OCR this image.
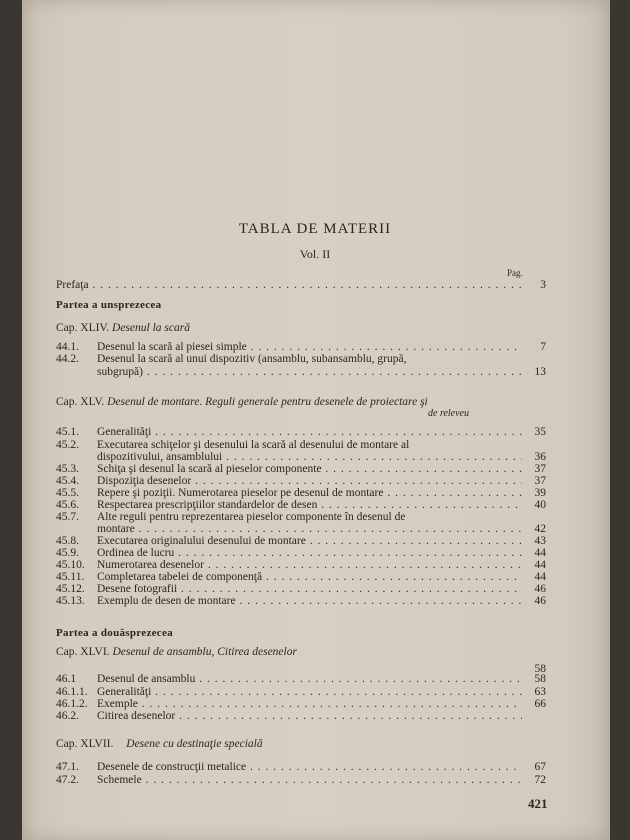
TABLA DE MATERII
Vol. II
Pag.
Prefaţa . . .	3
Partea a unsprezecea
Cap. XLIV. Desenul la scară
44.1.	Desenul la scară al piesei simple . . .	7
44.2.	Desenul la scară al unui dispozitiv (ansamblu, subansamblu, grupă,
subgrupă) . . .	13
Cap. XLV. Desenul de montare. Reguli generale pentru desenele de proiectare şi
de releveu
45.1.	Generalităţi . . .	35
45.2.	Executarea schiţelor şi desenului la scară al desenului de montare al
dispozitivului, ansamblului . . .	36
45.3.	Schiţa şi desenul la scară al pieselor componente . . .	37
45.4.	Dispoziţia desenelor . . .	37
45.5.	Repere şi poziţii. Numerotarea pieselor pe desenul de montare . . .	39
45.6.	Respectarea prescripţiilor standardelor de desen . . .	40
45.7.	Alte reguli pentru reprezentarea pieselor componente în desenul de
montare . . .	42
45.8.	Executarea originalului desenului de montare . . .	43
45.9.	Ordinea de lucru . . .	44
45.10.	Numerotarea desenelor . . .	44
45.11.	Completarea tabelei de componenţă . . .	44
45.12.	Desene fotografii . . .	46
45.13.	Exemplu de desen de montare . . .	46
Partea a douăsprezecea
Cap. XLVI. Desenul de ansamblu, Citirea desenelor
58
46.1	Desenul de ansamblu . . .	58
46.1.1. Generalităţi . . .	63
46.1.2. Exemple . . .	66
46.2.	Citirea desenelor . . .
Cap. XLVII. Desene cu destinaţie specială
47.1.	Desenele de construcţii metalice . . .	67
47.2.	Schemele . . .	72
421
